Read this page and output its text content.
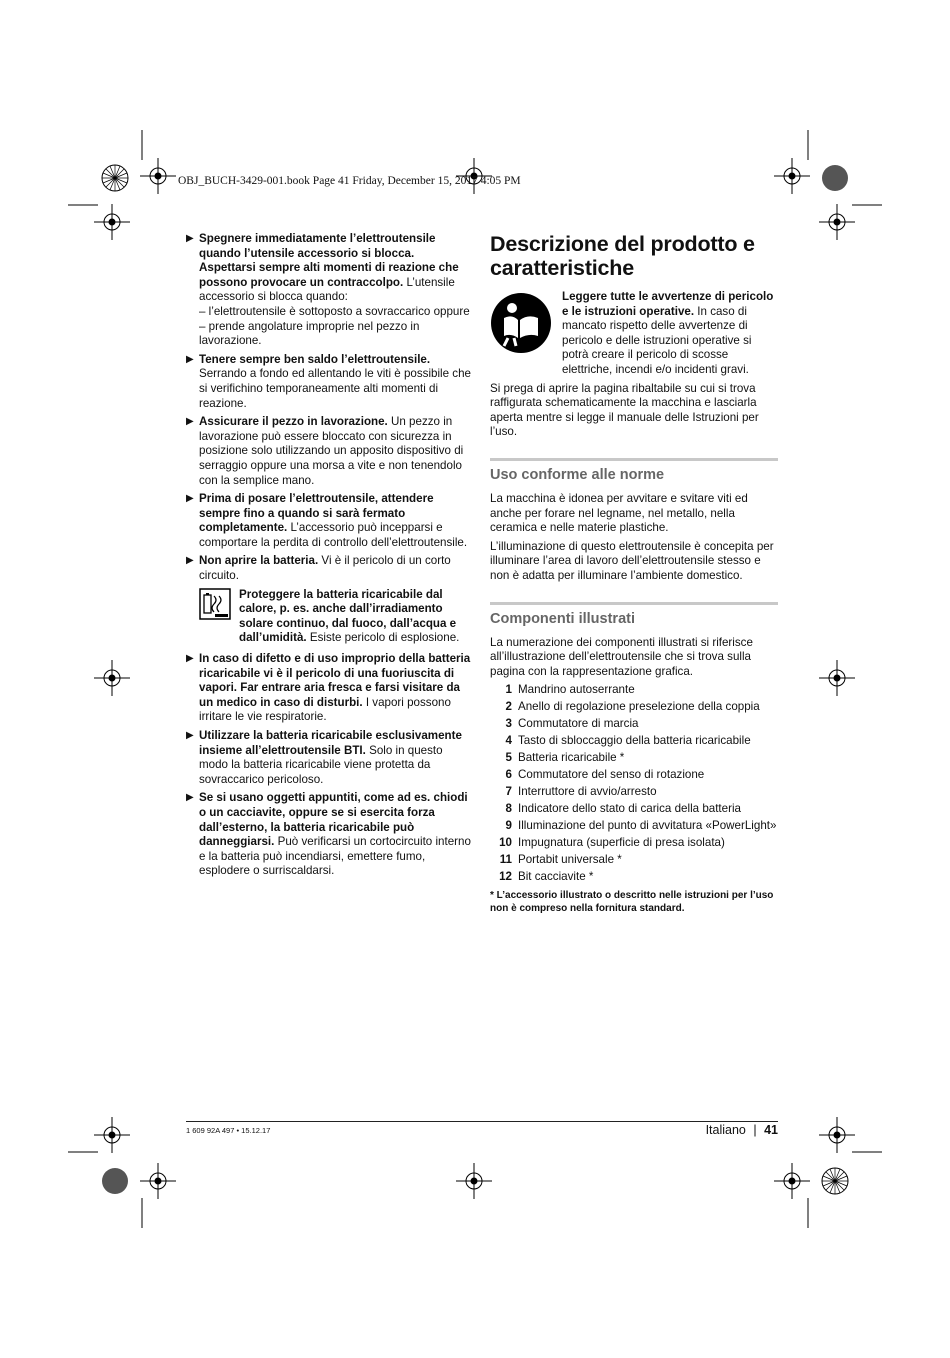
OBJ_BUCH-3429-001.book Page 41 Friday, December 15, 2017 4:05 PM
▶ Spegnere immediatamente l’elettroutensile quando l’utensile accessorio si blocca. Aspettarsi sempre alti momenti di reazione che possono provocare un contraccolpo. L’utensile accessorio si blocca quando:
– l’elettroutensile è sottoposto a sovraccarico oppure
– prende angolature improprie nel pezzo in lavorazione.
▶ Tenere sempre ben saldo l’elettroutensile. Serrando a fondo ed allentando le viti è possibile che si verifichino temporaneamente alti momenti di reazione.
▶ Assicurare il pezzo in lavorazione. Un pezzo in lavorazione può essere bloccato con sicurezza in posizione solo utilizzando un apposito dispositivo di serraggio oppure una morsa a vite e non tenendolo con la semplice mano.
▶ Prima di posare l’elettroutensile, attendere sempre fino a quando si sarà fermato completamente. L’accessorio può incepparsi e comportare la perdita di controllo dell’elettroutensile.
▶ Non aprire la batteria. Vi è il pericolo di un corto circuito.
Proteggere la batteria ricaricabile dal calore, p. es. anche dall’irradiamento solare continuo, dal fuoco, dall’acqua e dall’umidità. Esiste pericolo di esplosione.
▶ In caso di difetto e di uso improprio della batteria ricaricabile vi è il pericolo di una fuoriuscita di vapori. Far entrare aria fresca e farsi visitare da un medico in caso di disturbi. I vapori possono irritare le vie respiratorie.
▶ Utilizzare la batteria ricaricabile esclusivamente insieme all’elettroutensile BTI. Solo in questo modo la batteria ricaricabile viene protetta da sovraccarico pericoloso.
▶ Se si usano oggetti appuntiti, come ad es. chiodi o un cacciavite, oppure se si esercita forza dall’esterno, la batteria ricaricabile può danneggiarsi. Può verificarsi un cortocircuito interno e la batteria può incendiarsi, emettere fumo, esplodere o surriscaldarsi.
Descrizione del prodotto e caratteristiche
Leggere tutte le avvertenze di pericolo e le istruzioni operative. In caso di mancato rispetto delle avvertenze di pericolo e delle istruzioni operative si potrà creare il pericolo di scosse elettriche, incendi e/o incidenti gravi.

Si prega di aprire la pagina ribaltabile su cui si trova raffigurata schematicamente la macchina e lasciarla aperta mentre si legge il manuale delle Istruzioni per l’uso.

Uso conforme alle norme

La macchina è idonea per avvitare e svitare viti ed anche per forare nel legname, nel metallo, nella ceramica e nelle materie plastiche.

L’illuminazione di questo elettroutensile è concepita per illuminare l’area di lavoro dell’elettroutensile stesso e non è adatta per illuminare l’ambiente domestico.

Componenti illustrati

La numerazione dei componenti illustrati si riferisce all’illustrazione dell’elettroutensile che si trova sulla pagina con la rappresentazione grafica.

1 Mandrino autoserrante
2 Anello di regolazione preselezione della coppia
3 Commutatore di marcia
4 Tasto di sbloccaggio della batteria ricaricabile
5 Batteria ricaricabile *
6 Commutatore del senso di rotazione
7 Interruttore di avvio/arresto
8 Indicatore dello stato di carica della batteria
9 Illuminazione del punto di avvitatura «PowerLight»
10 Impugnatura (superficie di presa isolata)
11 Portabit universale *
12 Bit cacciavite *
* L’accessorio illustrato o descritto nelle istruzioni per l’uso non è compreso nella fornitura standard.
1 609 92A 497 • 15.12.17	Italiano | 41
